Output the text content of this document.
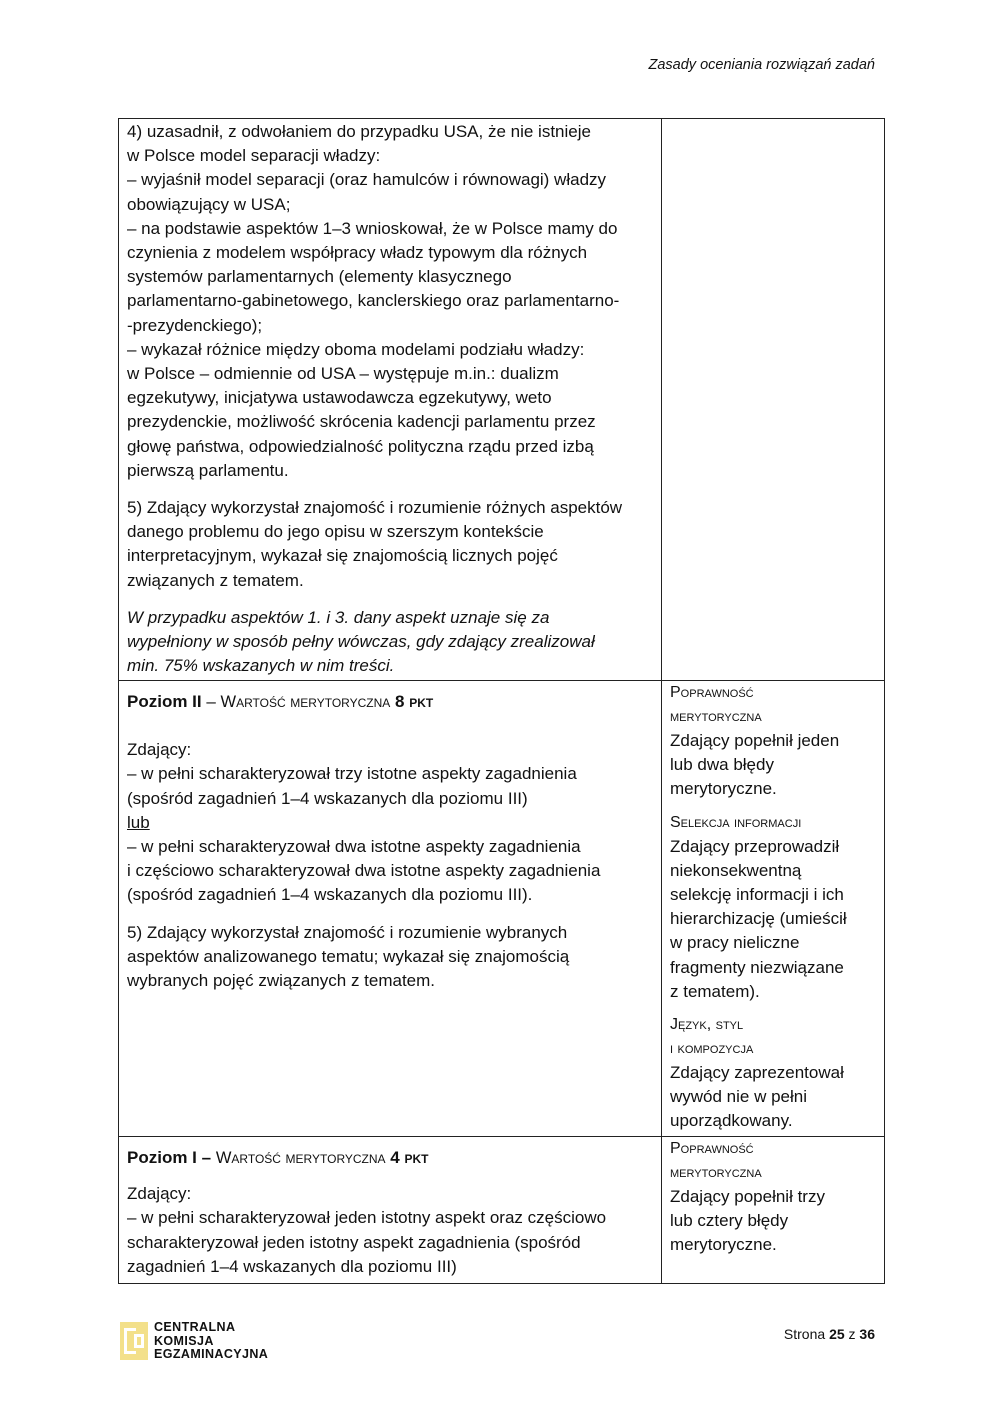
Zasady oceniania rozwiązań zadań

4) uzasadnił, z odwołaniem do przypadku USA, że nie istnieje
w Polsce model separacji władzy:
– wyjaśnił model separacji (oraz hamulców i równowagi) władzy
obowiązujący w USA;
– na podstawie aspektów 1–3 wnioskował, że w Polsce mamy do
czynienia z modelem współpracy władz typowym dla różnych
systemów parlamentarnych (elementy klasycznego
parlamentarno-gabinetowego, kanclerskiego oraz parlamentarno-
-prezydenckiego);
– wykazał różnice między oboma modelami podziału władzy:
w Polsce – odmiennie od USA – występuje m.in.: dualizm
egzekutywy, inicjatywa ustawodawcza egzekutywy, weto
prezydenckie, możliwość skrócenia kadencji parlamentu przez
głowę państwa, odpowiedzialność polityczna rządu przed izbą
pierwszą parlamentu.

5) Zdający wykorzystał znajomość i rozumienie różnych aspektów
danego problemu do jego opisu w szerszym kontekście
interpretacyjnym, wykazał się znajomością licznych pojęć
związanych z tematem.

W przypadku aspektów 1. i 3. dany aspekt uznaje się za
wypełniony w sposób pełny wówczas, gdy zdający zrealizował
min. 75% wskazanych w nim treści.

Poziom II – Wartość merytoryczna 8 pkt

Zdający:
– w pełni scharakteryzował trzy istotne aspekty zagadnienia
(spośród zagadnień 1–4 wskazanych dla poziomu III)
lub
– w pełni scharakteryzował dwa istotne aspekty zagadnienia
i częściowo scharakteryzował dwa istotne aspekty zagadnienia
(spośród zagadnień 1–4 wskazanych dla poziomu III).

5) Zdający wykorzystał znajomość i rozumienie wybranych
aspektów analizowanego tematu; wykazał się znajomością
wybranych pojęć związanych z tematem.

Poprawność
merytoryczna

Zdający popełnił jeden
lub dwa błędy
merytoryczne.

Selekcja informacji

Zdający przeprowadził
niekonsekwentną
selekcję informacji i ich
hierarchizację (umieścił
w pracy nieliczne
fragmenty niezwiązane
z tematem).

Język, styl
i kompozycja

Zdający zaprezentował
wywód nie w pełni
uporządkowany.

Poziom I – Wartość merytoryczna 4 pkt

Zdający:
– w pełni scharakteryzował jeden istotny aspekt oraz częściowo
scharakteryzował jeden istotny aspekt zagadnienia (spośród
zagadnień 1–4 wskazanych dla poziomu III)

Poprawność
merytoryczna

Zdający popełnił trzy
lub cztery błędy
merytoryczne.

CENTRALNA
KOMISJA
EGZAMINACYJNA
Strona 25 z 36
